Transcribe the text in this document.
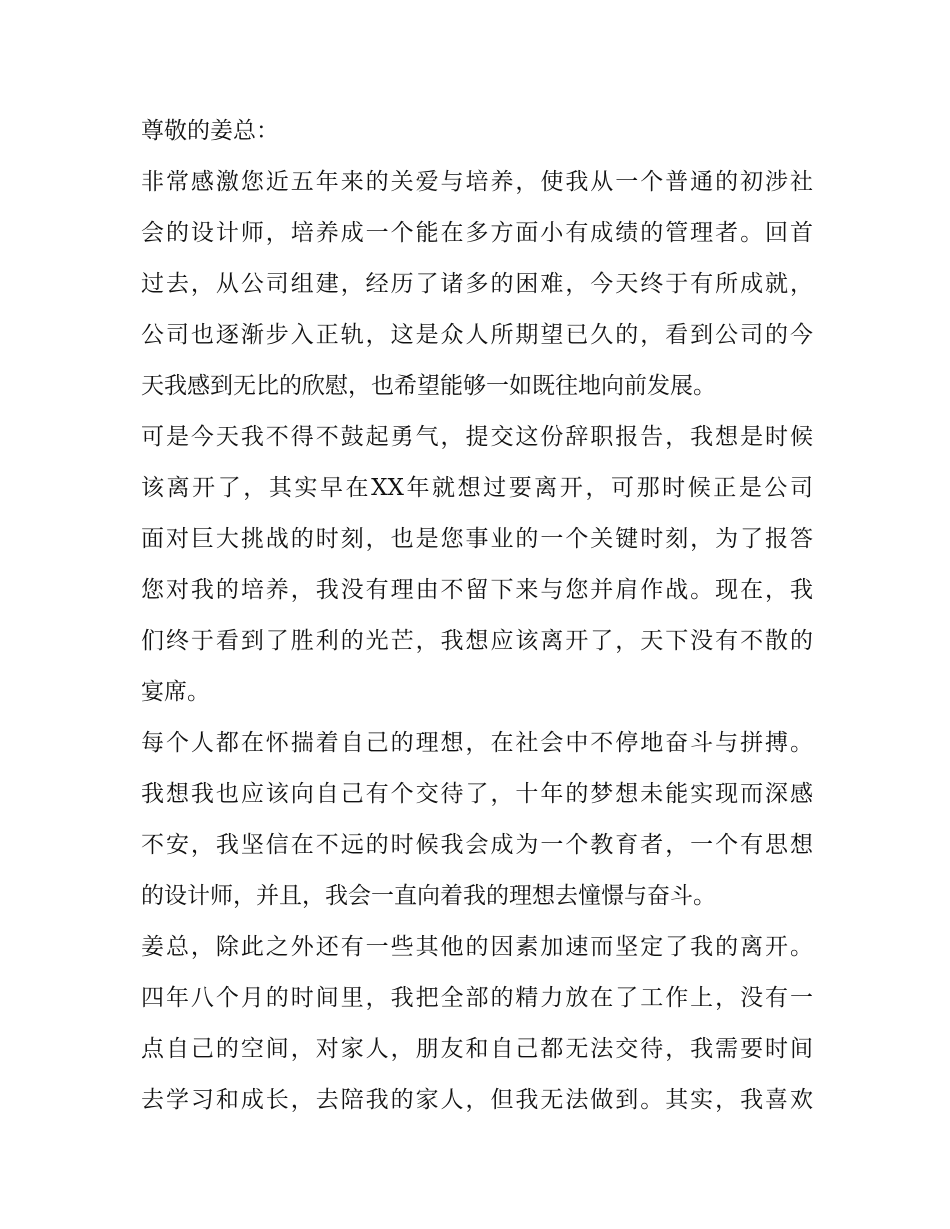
尊敬的姜总：
非常感激您近五年来的关爱与培养，使我从一个普通的初涉社
会的设计师，培养成一个能在多方面小有成绩的管理者。回首
过去，从公司组建，经历了诸多的困难，今天终于有所成就，
公司也逐渐步入正轨，这是众人所期望已久的，看到公司的今
天我感到无比的欣慰，也希望能够一如既往地向前发展。
可是今天我不得不鼓起勇气，提交这份辞职报告，我想是时候
该离开了，其实早在XX年就想过要离开，可那时候正是公司
面对巨大挑战的时刻，也是您事业的一个关键时刻，为了报答
您对我的培养，我没有理由不留下来与您并肩作战。现在，我
们终于看到了胜利的光芒，我想应该离开了，天下没有不散的
宴席。
每个人都在怀揣着自己的理想，在社会中不停地奋斗与拼搏。
我想我也应该向自己有个交待了，十年的梦想未能实现而深感
不安，我坚信在不远的时候我会成为一个教育者，一个有思想
的设计师，并且，我会一直向着我的理想去憧憬与奋斗。
姜总，除此之外还有一些其他的因素加速而坚定了我的离开。
四年八个月的时间里，我把全部的精力放在了工作上，没有一
点自己的空间，对家人，朋友和自己都无法交待，我需要时间
去学习和成长，去陪我的家人，但我无法做到。其实，我喜欢
